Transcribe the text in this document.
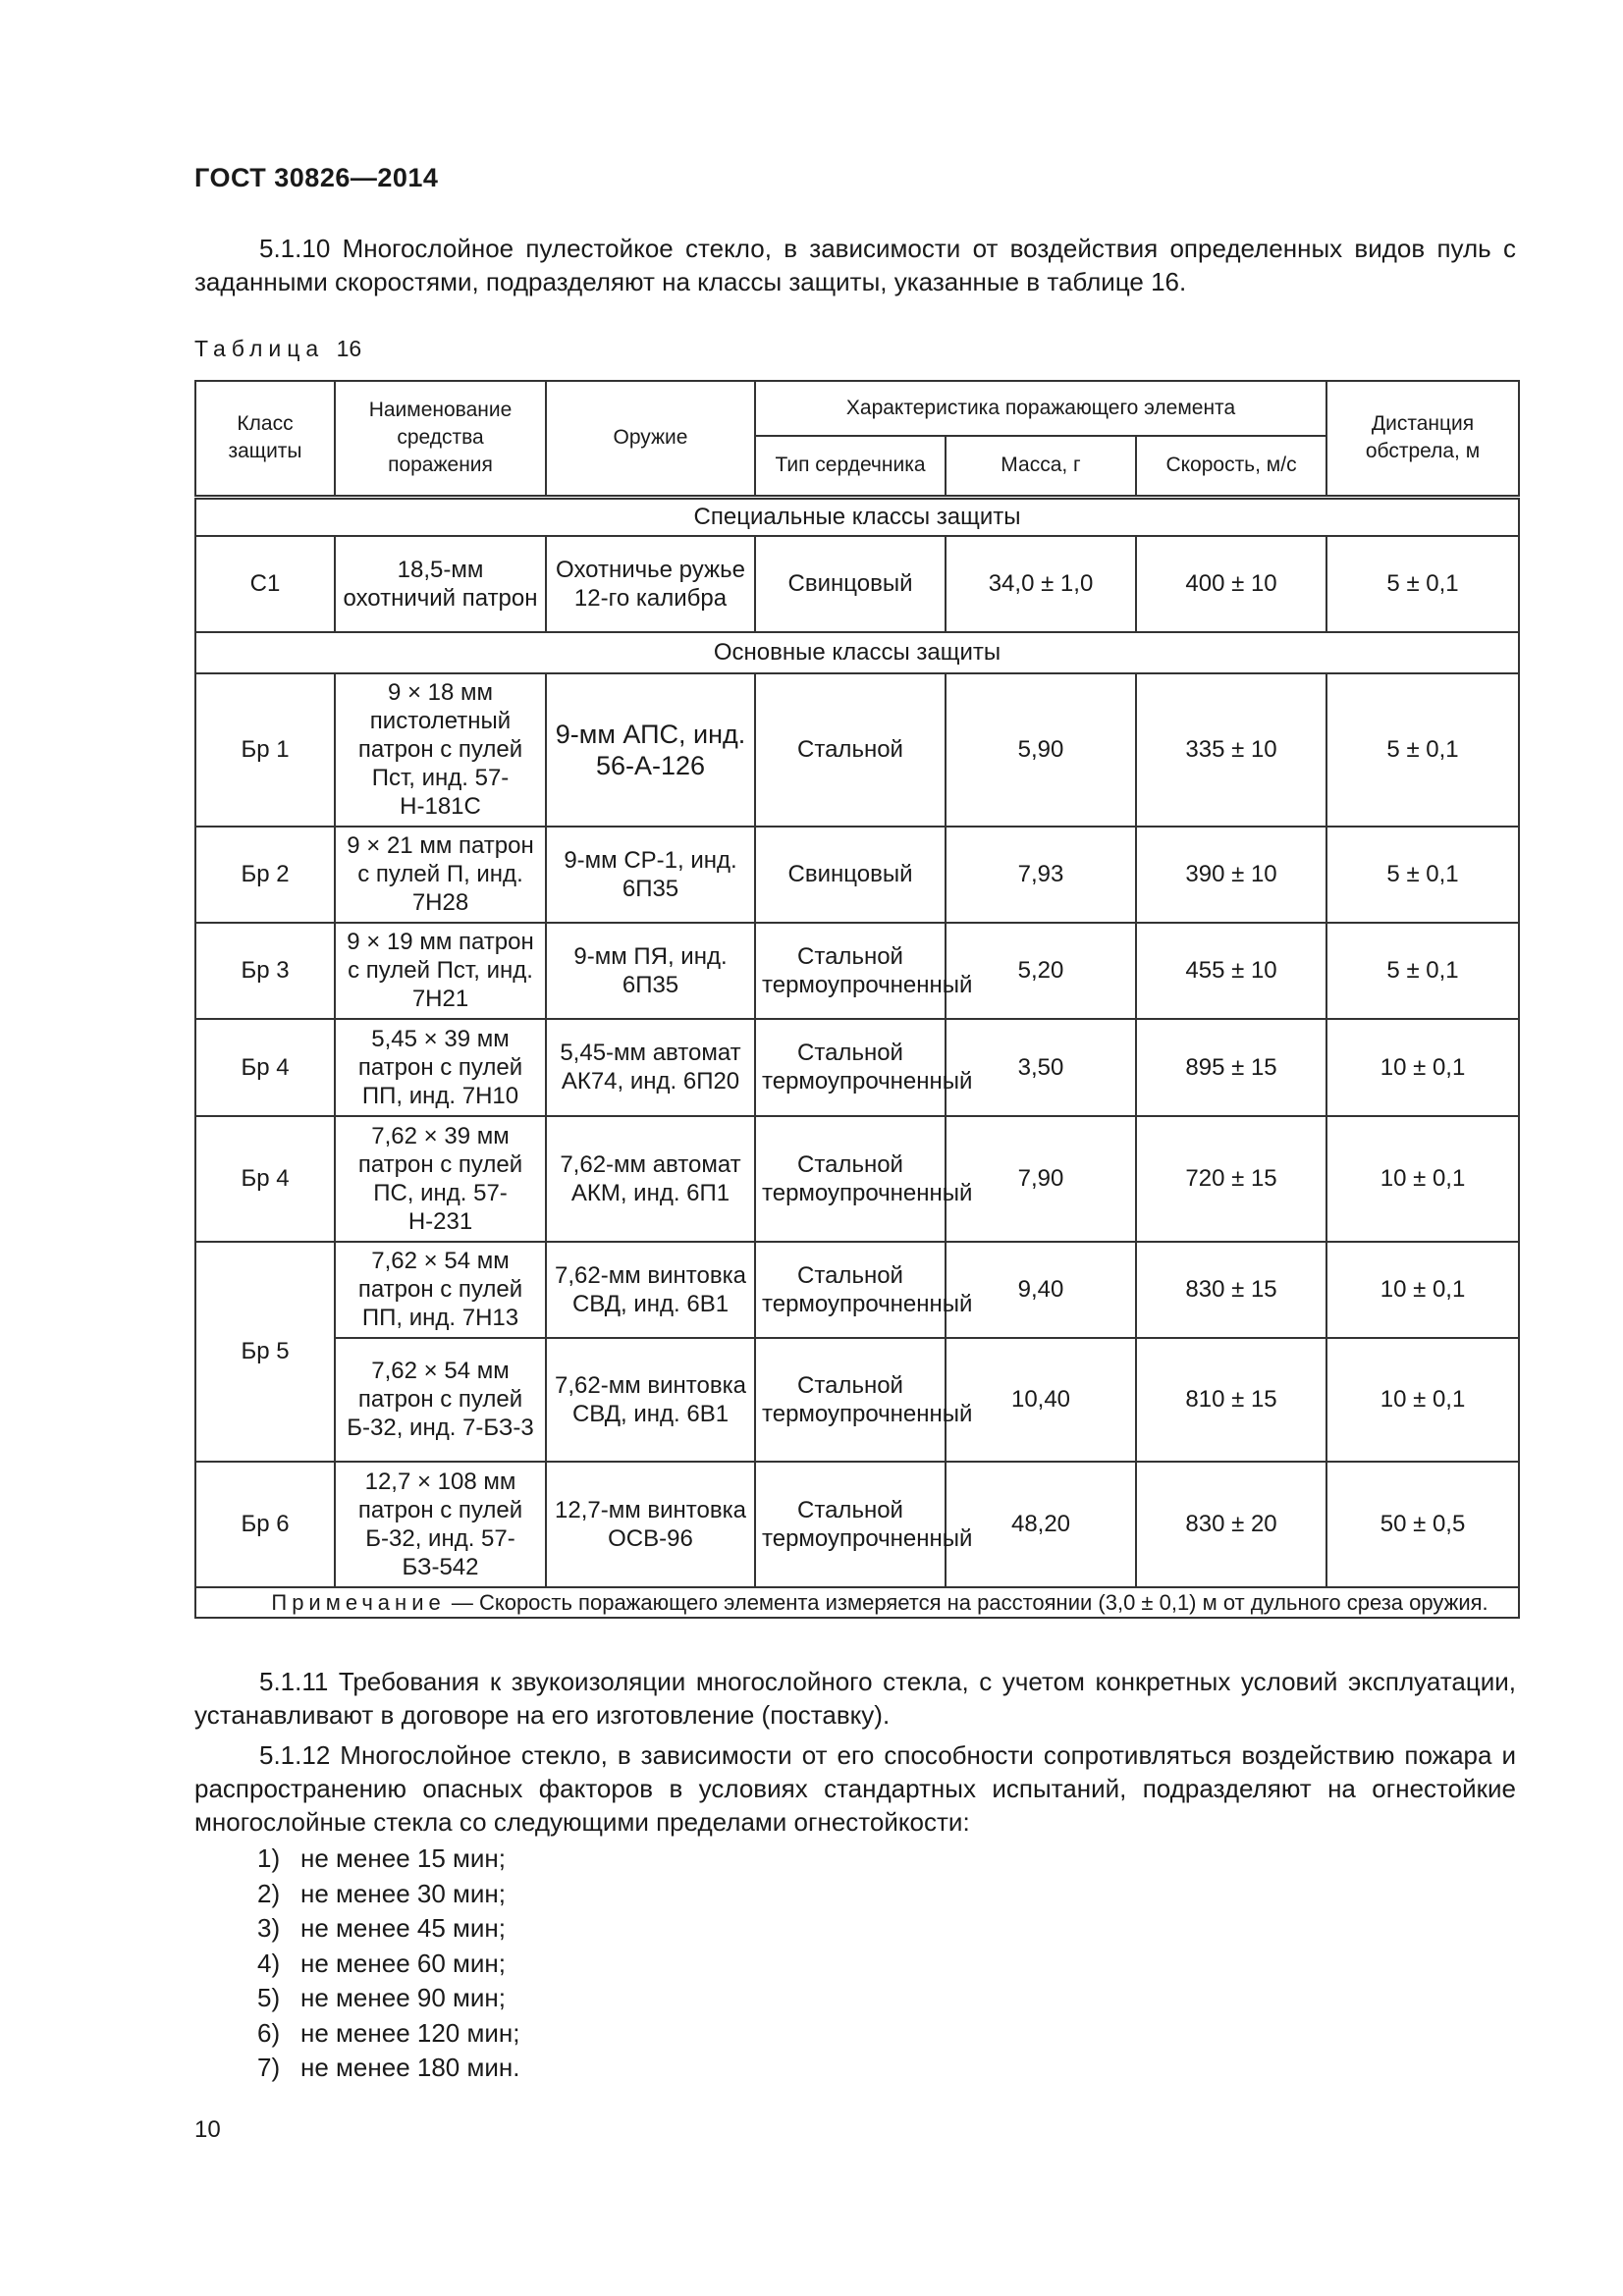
ГОСТ 30826—2014
5.1.10 Многослойное пулестойкое стекло, в зависимости от воздействия определенных видов пуль с заданными скоростями, подразделяют на классы защиты, указанные в таблице 16.
Таблица 16
Класс защиты	Наименование средства поражения	Оружие	Характеристика поражающего элемента			Дистанция обстрела, м
			Тип сердечника	Масса, г	Скорость, м/с	
Специальные классы защиты						
С1	18,5-мм охотничий патрон	Охотничье ружье 12-го калибра	Свинцовый	34,0 ± 1,0	400 ± 10	5 ± 0,1
Основные классы защиты						
Бр 1	9 × 18 мм пистолетный патрон с пулей Пст, инд. 57-Н-181С	9-мм АПС, инд. 56-А-126	Стальной	5,90	335 ± 10	5 ± 0,1
Бр 2	9 × 21 мм патрон с пулей П, инд. 7Н28	9-мм СР-1, инд. 6П35	Свинцовый	7,93	390 ± 10	5 ± 0,1
Бр 3	9 × 19 мм патрон с пулей Пст, инд. 7Н21	9-мм ПЯ, инд. 6П35	Стальной термоупрочненный	5,20	455 ± 10	5 ± 0,1
Бр 4	5,45 × 39 мм патрон с пулей ПП, инд. 7Н10	5,45-мм автомат АК74, инд. 6П20	Стальной термоупрочненный	3,50	895 ± 15	10 ± 0,1
Бр 4	7,62 × 39 мм патрон с пулей ПС, инд. 57-Н-231	7,62-мм автомат АКМ, инд. 6П1	Стальной термоупрочненный	7,90	720 ± 15	10 ± 0,1
Бр 5	7,62 × 54 мм патрон с пулей ПП, инд. 7Н13	7,62-мм винтовка СВД, инд. 6В1	Стальной термоупрочненный	9,40	830 ± 15	10 ± 0,1
	7,62 × 54 мм патрон с пулей Б-32, инд. 7-БЗ-3	7,62-мм винтовка СВД, инд. 6В1	Стальной термоупрочненный	10,40	810 ± 15	10 ± 0,1
Бр 6	12,7 × 108 мм патрон с пулей Б-32, инд. 57-БЗ-542	12,7-мм винтовка ОСВ-96	Стальной термоупрочненный	48,20	830 ± 20	50 ± 0,5
Примечание — Скорость поражающего элемента измеряется на расстоянии (3,0 ± 0,1) м от дульного среза оружия.						
5.1.11 Требования к звукоизоляции многослойного стекла, с учетом конкретных условий эксплуатации, устанавливают в договоре на его изготовление (поставку).
5.1.12 Многослойное стекло, в зависимости от его способности сопротивляться воздействию пожара и распространению опасных факторов в условиях стандартных испытаний, подразделяют на огнестойкие многослойные стекла со следующими пределами огнестойкости:
1) не менее 15 мин;
2) не менее 30 мин;
3) не менее 45 мин;
4) не менее 60 мин;
5) не менее 90 мин;
6) не менее 120 мин;
7) не менее 180 мин.
10
